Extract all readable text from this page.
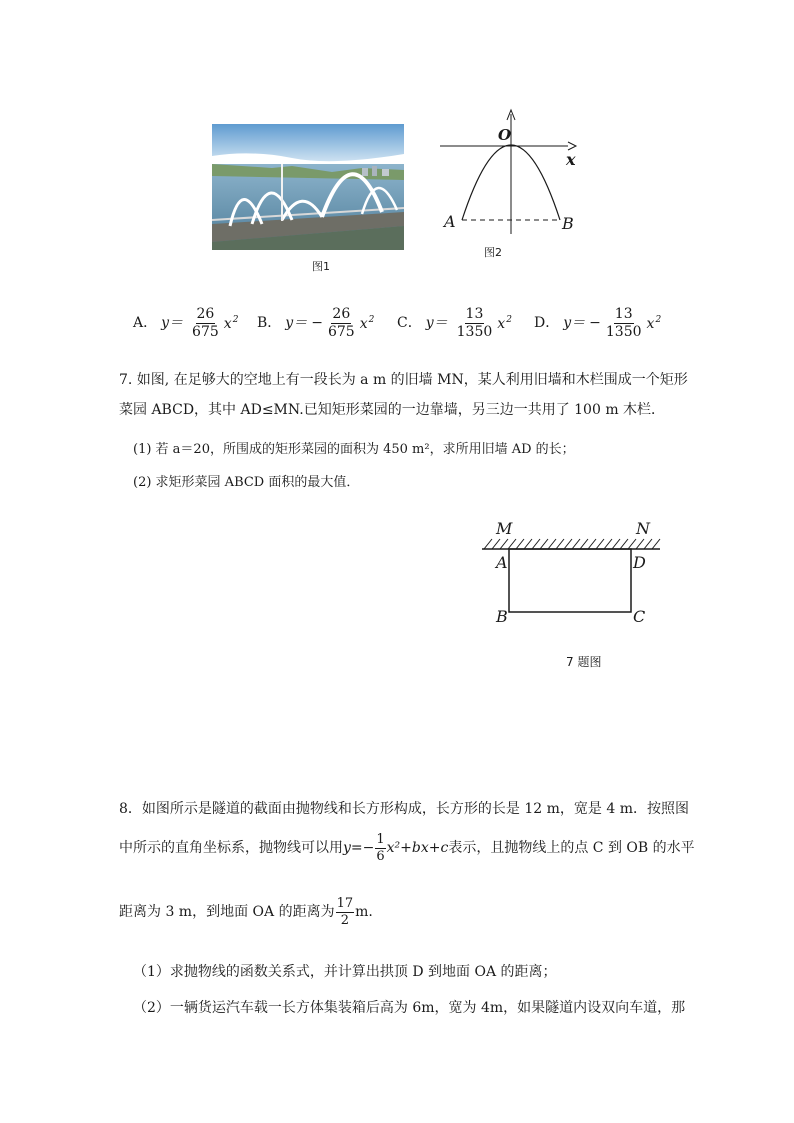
图1
O
x
A	B
图2
A． $y= \frac{26}{675} x^2$ B． $y= - \frac{26}{675} x^2$ C． $y= \frac{13}{1350} x^2$ D． $y= - \frac{13}{1350} x^2$
7. 如图, 在足够大的空地上有一段长为 a m 的旧墙 MN，某人利用旧墙和木栏围成一个矩形
菜园 ABCD，其中 AD≤MN.已知矩形菜园的一边靠墙，另三边一共用了 100 m 木栏．
(1) 若 a＝20，所围成的矩形菜园的面积为 450 m²，求所用旧墙 AD 的长；
(2) 求矩形菜园 ABCD 面积的最大值．
M	N
A	D
B	C
7 题图
8．如图所示是隧道的截面由抛物线和长方形构成，长方形的长是 12 m，宽是 4 m．按照图
中所示的直角坐标系，抛物线可以用 $y=- \frac{1}{6} x^2+bx+c$ 表示，且抛物线上的点 C 到 OB 的水平
距离为 3 m，到地面 OA 的距离为 $\frac{17}{2} m$.
（1）求抛物线的函数关系式，并计算出拱顶 D 到地面 OA 的距离；
（2）一辆货运汽车载一长方体集装箱后高为 6m，宽为 4m，如果隧道内设双向车道，那
